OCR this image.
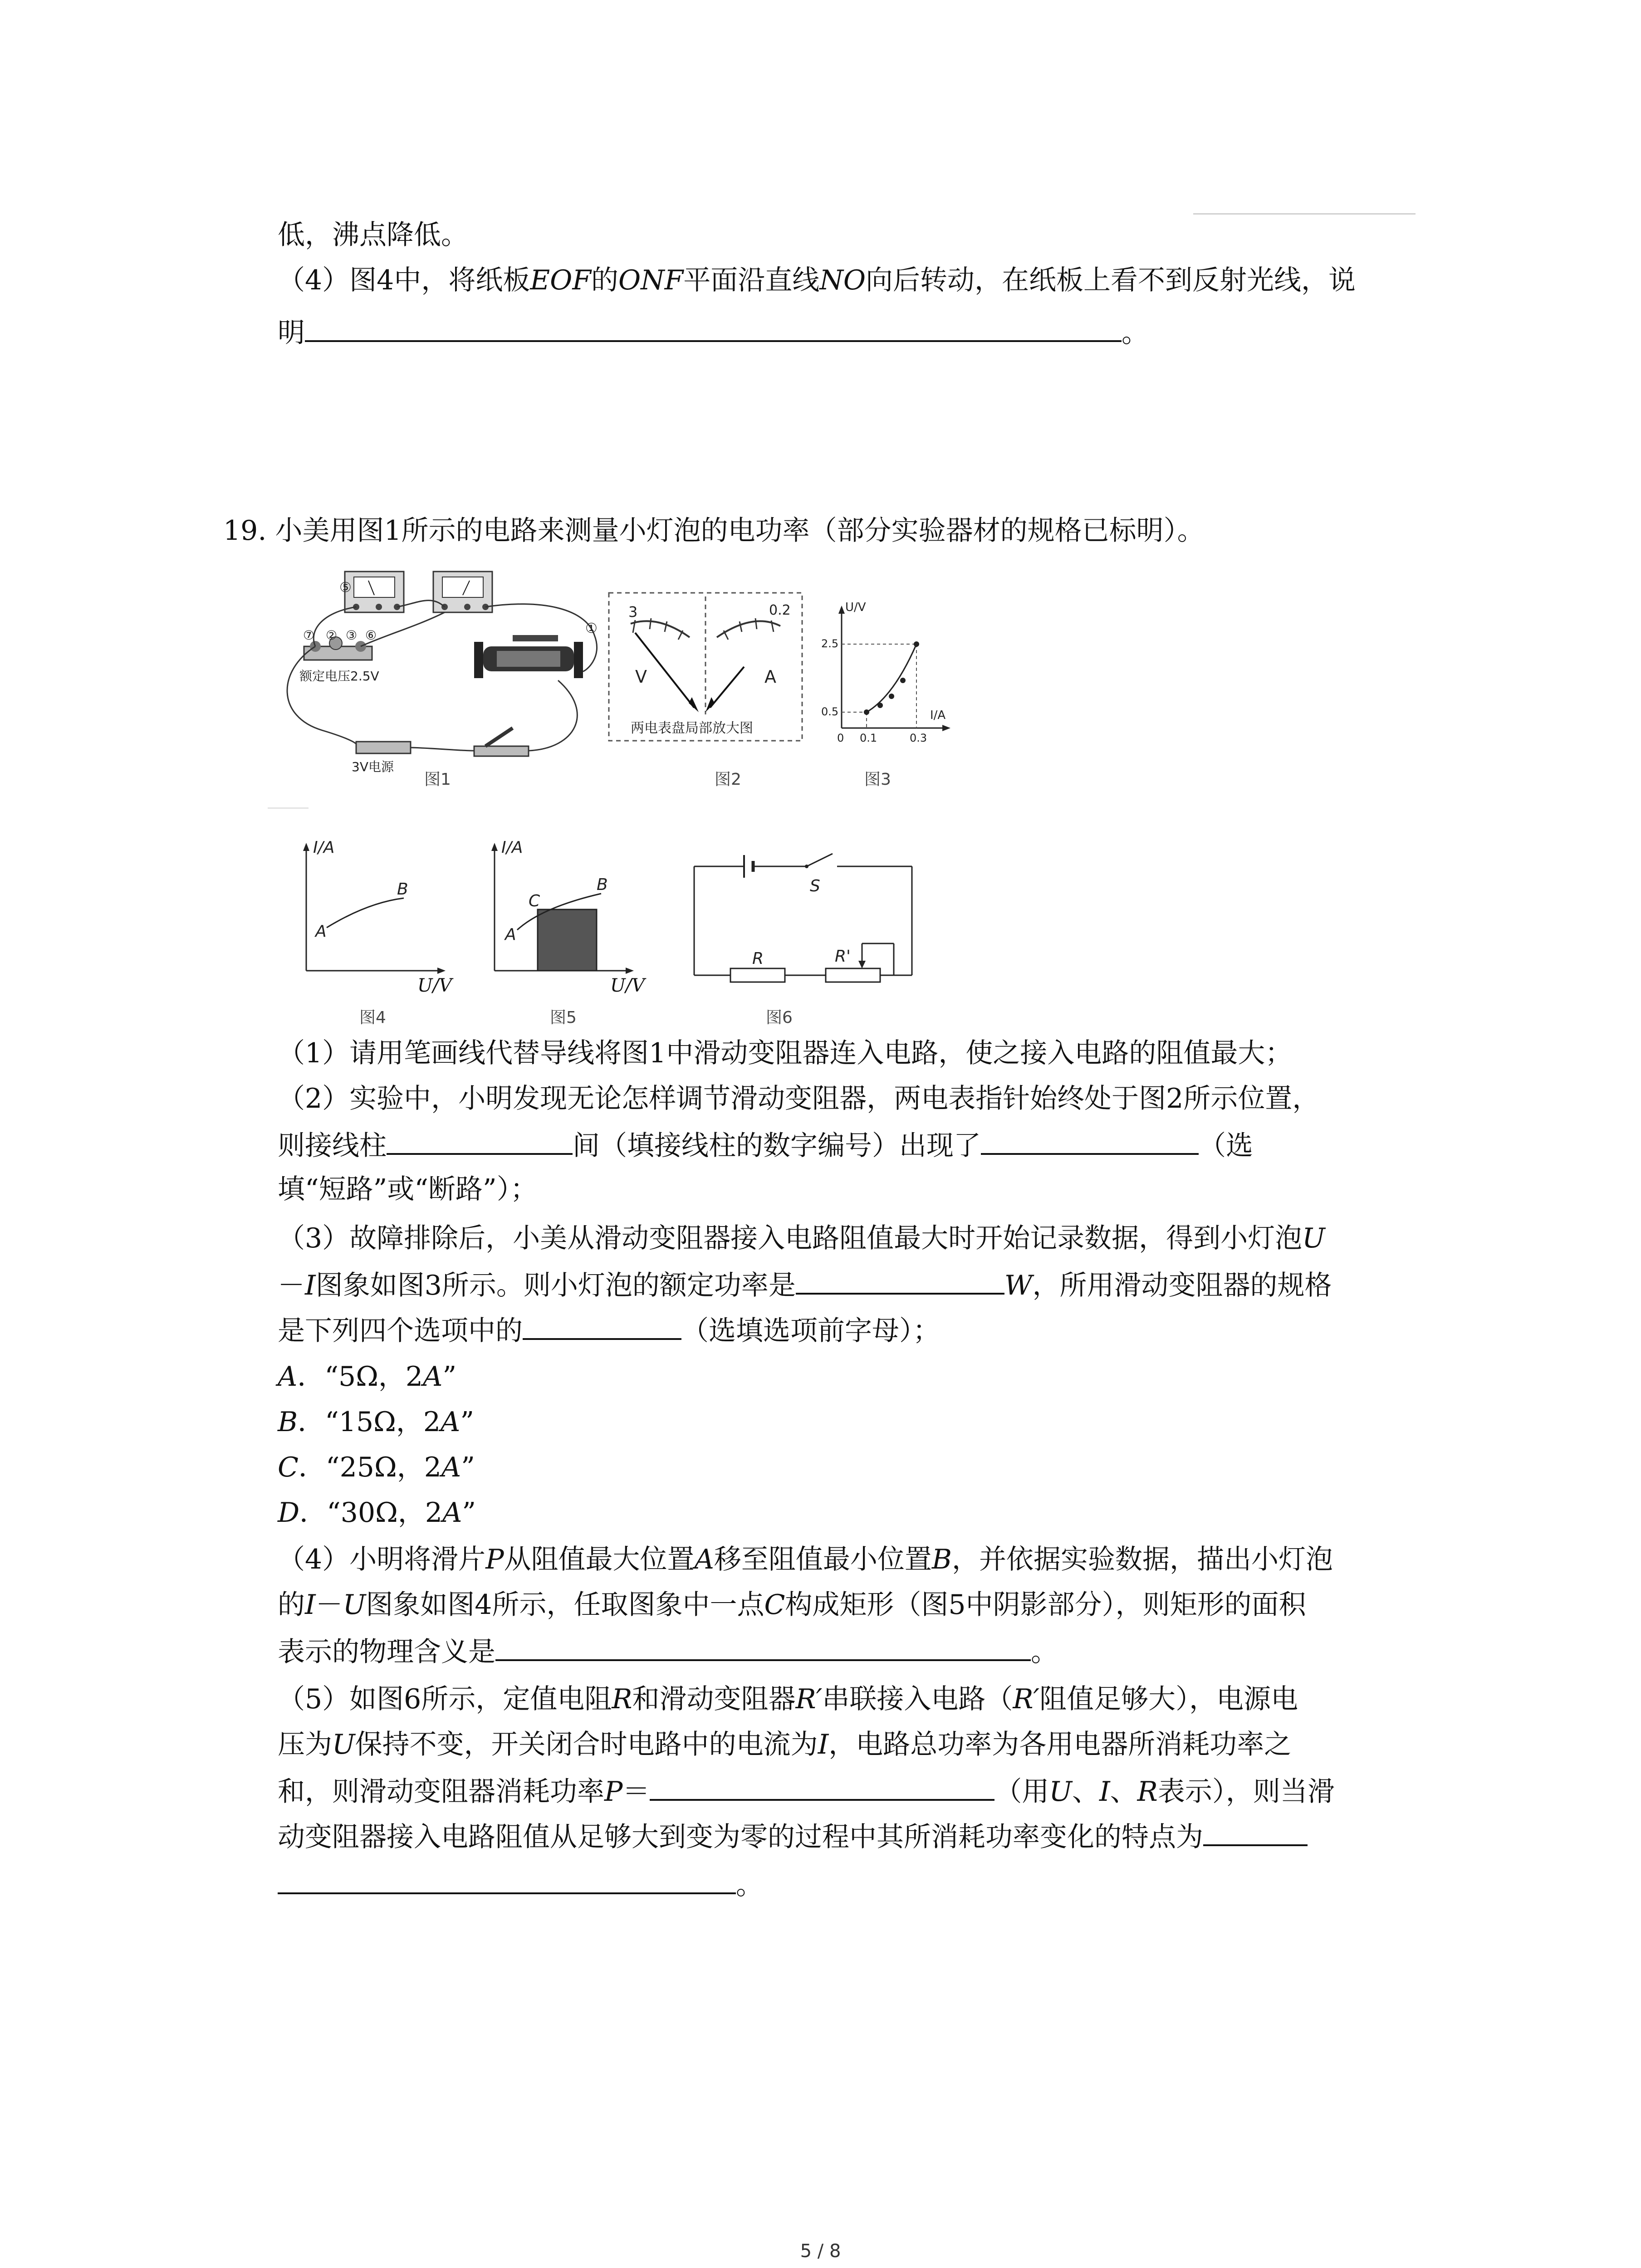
低，沸点降低。
（4）图4中，将纸板EOF的ONF平面沿直线NO向后转动，在纸板上看不到反射光线，说
明	。
19. 小美用图1所示的电路来测量小灯泡的电功率（部分实验器材的规格已标明）。
⑤
⑦ ② ③ ⑥	①
额定电压2.5V
3V电源
图1
3
V
0.2
A
两电表盘局部放大图
图2
U/V
I/A
2.5
0.5
0 0.1	0.3
图3
I/A
A
B
U/V
图4
I/A
A
C
B
U/V
图5
S
R	R'
图6
（1）请用笔画线代替导线将图1中滑动变阻器连入电路，使之接入电路的阻值最大；
（2）实验中，小明发现无论怎样调节滑动变阻器，两电表指针始终处于图2所示位置，
则接线柱	间（填接线柱的数字编号）出现了	（选
填“短路”或“断路”）；
（3）故障排除后，小美从滑动变阻器接入电路阻值最大时开始记录数据，得到小灯泡U
－I图象如图3所示。则小灯泡的额定功率是	W，所用滑动变阻器的规格
是下列四个选项中的	（选填选项前字母）；
A．“5Ω，2A”
B．“15Ω，2A”
C．“25Ω，2A”
D．“30Ω，2A”
（4）小明将滑片P从阻值最大位置A移至阻值最小位置B，并依据实验数据，描出小灯泡
的I－U图象如图4所示，任取图象中一点C构成矩形（图5中阴影部分），则矩形的面积
表示的物理含义是	。
（5）如图6所示，定值电阻R和滑动变阻器R′串联接入电路（R′阻值足够大），电源电
压为U保持不变，开关闭合时电路中的电流为I，电路总功率为各用电器所消耗功率之
和，则滑动变阻器消耗功率P＝	（用U、I、R表示），则当滑
动变阻器接入电路阻值从足够大到变为零的过程中其所消耗功率变化的特点为
。
5 / 8
